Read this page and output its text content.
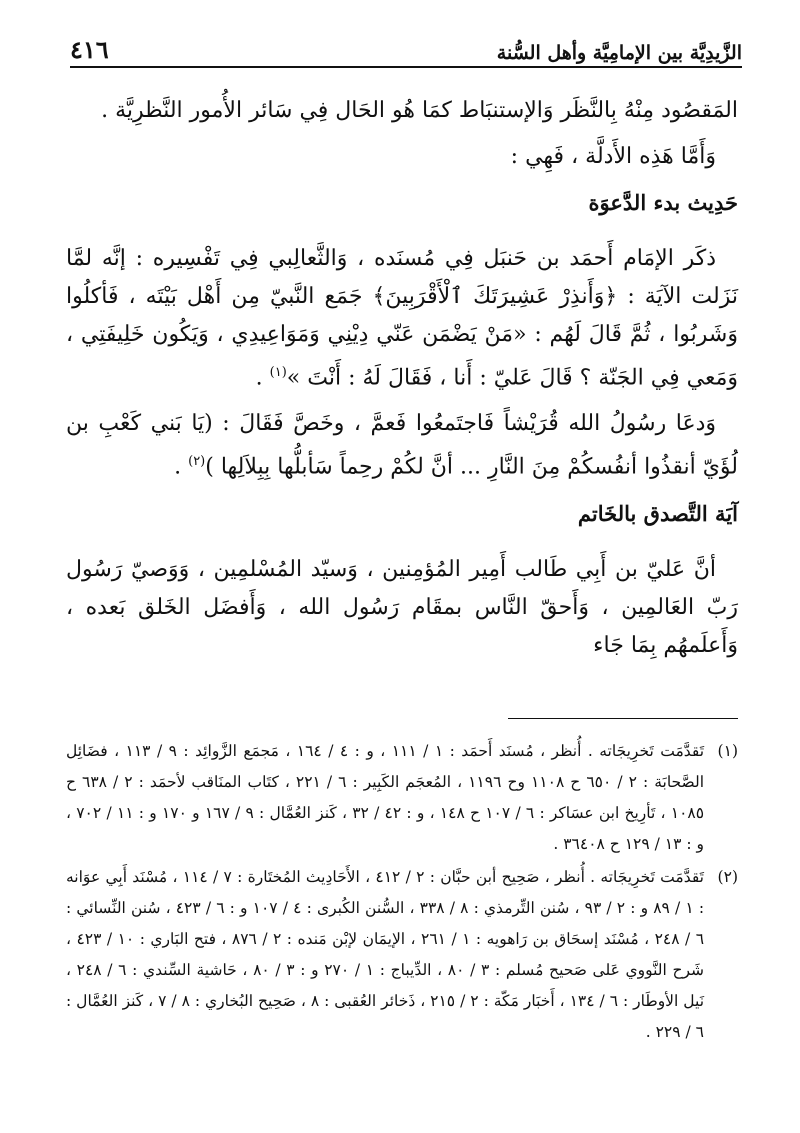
الزَّيدِيَّة بين الإمامِيَّة وأهل السُّنة
٤١٦

المَقصُود مِنْهُ بِالنَّظَر وَالإستنبَاط كمَا هُو الحَال فِي سَائر الأُمور النَّظرِيَّة .

وَأَمَّا هَذِه الأَدلَّة ، فَهِي :

حَدِيث بدء الدَّعوَة

ذكَر الإمَام أَحمَد بن حَنبَل فِي مُسنَده ، وَالثَّعالِبي فِي تَفْسِيره : إنَّه لمَّا نَزَلت الآيَة : ﴿وَأَنذِرْ عَشِيرَتَكَ ٱلْأَقْرَبِينَ﴾ جَمَع النَّبيّ مِن أَهْل بَيْتَه ، فَأكلُوا وَشَربُوا ، ثُمَّ قَالَ لَهُم : «مَنْ يَضْمَن عَنّي دِيْنِي وَمَوَاعِيدِي ، وَيَكُون خَلِيفَتِي ، وَمَعي فِي الجَنّة ؟ قَالَ عَليّ : أَنا ، فَقَالَ لَهُ : أَنْتَ »$^{(١)}$ .

وَدعَا رسُولُ الله قُرَيْشاً فَاجتَمعُوا فَعمَّ ، وخَصَّ فَقَالَ : (يَا بَني كَعْبِ بن لُؤَيّ أنقذُوا أنفُسكُمْ مِنَ النَّارِ ... أنَّ لكُمْ رحِماً سَأبلُّها بِبِلاَلِها )$^{(٢)}$ .

آيَة التَّصدق بالخَاتم

أنَّ عَليّ بن أَبِي طَالب أَمِير المُؤمِنين ، وَسيّد المُسْلمِين ، وَوَصيّ رَسُول رَبّ العَالمِين ، وَأَحقّ النَّاس بمقَام رَسُول الله ، وَأَفضَل الخَلق بَعده ، وَأَعلَمهُم بِمَا جَاء

(١)
تَقدَّمَت تَخرِيجَاته . أُنظر ، مُسنَد أَحمَد : ١ / ١١١ ، و : ٤ / ١٦٤ ، مَجمَع الزَّوائِد : ٩ / ١١٣ ، فضَائِل الصَّحابَة : ٢ / ٦٥٠ ح ١١٠٨ وح ١١٩٦ ، المُعجَم الكَبِير : ٦ / ٢٢١ ، كتَاب المنَاقب لأحمَد : ٢ / ٦٣٨ ح ١٠٨٥ ، تَأرِيخ ابن عسَاكر : ٦ / ١٠٧ ح ١٤٨ ، و : ٤٢ / ٣٢ ، كَنز العُمَّال : ٩ / ١٦٧ و ١٧٠ و : ١١ / ٧٠٢ ، و : ١٣ / ١٢٩ ح ٣٦٤٠٨ .
(٢)
تَقدَّمَت تَخرِيجَاته . أُنظر ، صَحِيح أبن حبَّان : ٢ / ٤١٢ ، الأَحَادِيث المُختَارة : ٧ / ١١٤ ، مُسْنَد أَبِي عوَانه : ١ / ٨٩ و : ٢ / ٩٣ ، سُنن التِّرمذي : ٨ / ٣٣٨ ، السُّنن الكُبرى : ٤ / ١٠٧ و : ٦ / ٤٢٣ ، سُنن النِّسائي : ٦ / ٢٤٨ ، مُسْنَد إسحَاق بن رَاهويه : ١ / ٢٦١ ، الإيمَان لإبْن مَنده : ٢ / ٨٧٦ ، فتح البَاري : ١٠ / ٤٢٣ ، شَرح النَّووي عَلى صَحيح مُسلم : ٣ / ٨٠ ، الدِّيباج : ١ / ٢٧٠ و : ٣ / ٨٠ ، حَاشية السِّندي : ٦ / ٢٤٨ ، نَيل الأوطَار : ٦ / ١٣٤ ، أَخبَار مَكّة : ٢ / ٢١٥ ، ذَخائر العُقبى : ٨ ، صَحِيح البُخاري : ٨ / ٧ ، كَنز العُمَّال : ٦ / ٢٢٩ .
